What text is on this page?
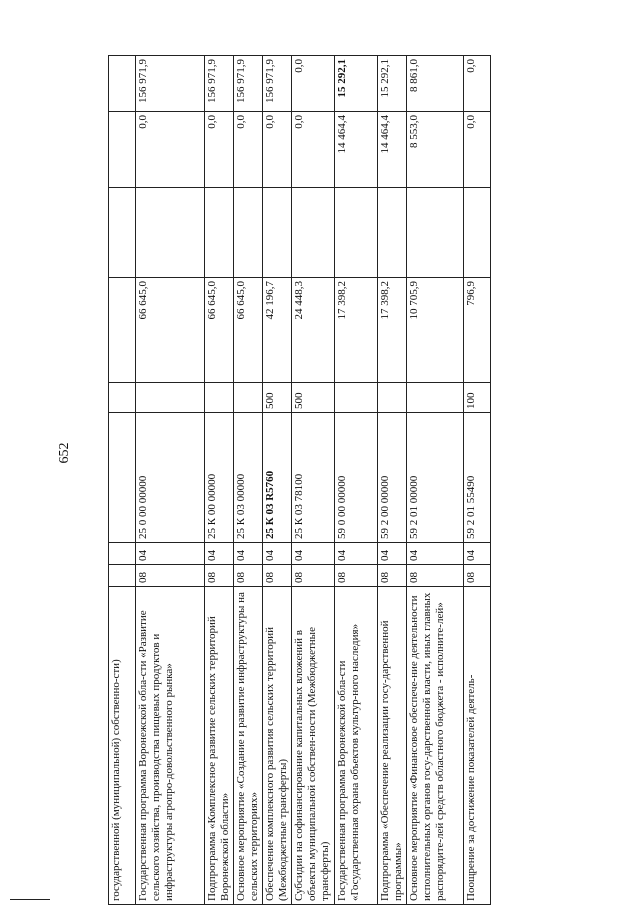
652
государственной (муниципальной) собственно-сти)								
Государственная программа Воронежской обла-сти «Развитие сельского хозяйства, производства пищевых продуктов и инфраструктуры агропро-довольственного рынка»	08	04	25 0 00 00000		66 645,0		0,0	156 971,9
Подпрограмма «Комплексное развитие сельских территорий Воронежской области»	08	04	25 К 00 00000		66 645,0		0,0	156 971,9
Основное мероприятие «Создание и развитие инфраструктуры на сельских территориях»	08	04	25 К 03 00000		66 645,0		0,0	156 971,9
Обеспечение комплексного развития сельских территорий (Межбюджетные трансферты)	08	04	25 К 03 R5760	500	42 196,7		0,0	156 971,9
Субсидии на софинансирование капитальных вложений в объекты муниципальной собствен-ности (Межбюджетные трансферты)	08	04	25 К 03 78100	500	24 448,3		0,0	0,0
Государственная программа Воронежской обла-сти «Государственная охрана объектов культур-ного наследия»	08	04	59 0 00 00000		17 398,2		14 464,4	15 292,1
Подпрограмма «Обеспечение реализации госу-дарственной программы»	08	04	59 2 00 00000		17 398,2		14 464,4	15 292,1
Основное мероприятие «Финансовое обеспече-ние деятельности исполнительных органов госу-дарственной власти, иных главных распорядите-лей средств областного бюджета - исполните-лей»	08	04	59 2 01 00000		10 705,9		8 553,0	8 861,0
Поощрение за достижение показателей деятель-	08	04	59 2 01 55490	100	796,9		0,0	0,0
